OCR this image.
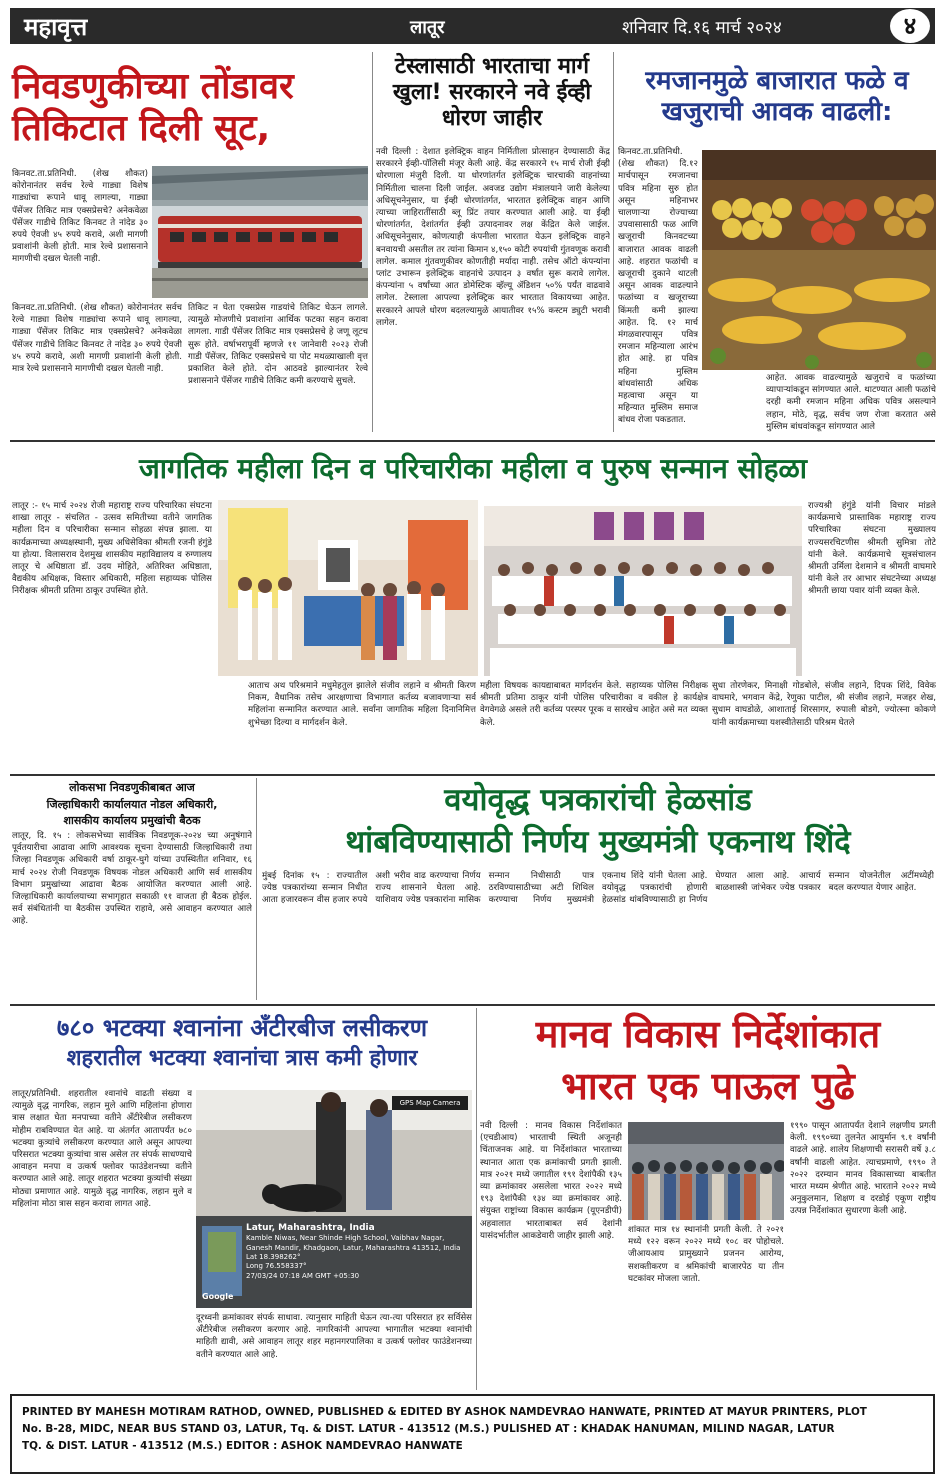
महावृत्त	लातूर	शनिवार दि.१६ मार्च २०२४	४
निवडणुकीच्या तोंडावर तिकिटात दिली सूट,
किनवट.ता.प्रतिनिधी. (शेख शौकत) कोरोनानंतर सर्वच रेल्वे गाड्या विशेष गाड्यांचा रूपाने धावू लागल्या, गाड्या पॅसेंजर तिकिट मात्र एक्सप्रेसचे? अनेकवेळा पॅसेंजर गाडीचे तिकिट किनवट ते नांदेड ३० रुपये ऐवजी ४५ रुपये करावे, अशी मागणी प्रवाशांनी केली होती. मात्र रेल्वे प्रशासनाने मागणीची दखल घेतली नाही.
किनवट.ता.प्रतिनिधी. (शेख शौकत) कोरोनानंतर सर्वच रेल्वे गाड्या विशेष गाड्यांचा रूपाने धावू लागल्या, गाड्या पॅसेंजर तिकिट मात्र एक्सप्रेसचे? अनेकवेळा पॅसेंजर गाडीचे तिकिट किनवट ते नांदेड ३० रुपये ऐवजी ४५ रुपये करावे, अशी मागणी प्रवाशांनी केली होती. मात्र रेल्वे प्रशासनाने मागणीची दखल घेतली नाही.
तिकिट न घेता एक्सप्रेस गाडयांचे तिकिट घेऊन लागले. त्यामुळे मोजणीचे प्रवाशांना आर्थिक फटका सहन करावा लागला. गाडी पॅसेंजर तिकिट मात्र एक्सप्रेसचे हे जणू लूटच सुरू होते. वर्षाभरापूर्वी म्हणजे ११ जानेवारी २०२३ रोजी गाडी पॅसेंजर, तिकिट एक्सप्रेसचे या पोट मथळ्याखाली वृत्त प्रकाशित केले होते. दोन आठवडे झाल्यानंतर रेल्वे प्रशासनाने पॅसेंजर गाडीचे तिकिट कमी करण्याचे सुचले.
टेस्लासाठी भारताचा मार्ग खुला! सरकारने नवे ईव्ही धोरण जाहीर
नवी दिल्ली : देशात इलेक्ट्रिक वाहन निर्मितीला प्रोत्साहन देण्यासाठी केंद्र सरकारने ईव्ही-पॉलिसी मंजूर केली आहे. केंद्र सरकारने १५ मार्च रोजी ईव्ही धोरणाला मंजुरी दिली. या धोरणांतर्गत इलेक्ट्रिक चारचाकी वाहनांच्या निर्मितीला चालना दिली जाईल. अवजड उद्योग मंत्रालयाने जारी केलेल्या अधिसूचनेनुसार, या ईव्ही धोरणांतर्गत, भारतात इलेक्ट्रिक वाहन आणि त्याच्या जाहिरातींसाठी ब्लू प्रिंट तयार करण्यात आली आहे. या ईव्ही धोरणांतर्गत, देशांतर्गत ईव्ही उत्पादनावर लक्ष केंद्रित केले जाईल. अधिसूचनेनुसार, कोणत्याही कंपनीला भारतात येऊन इलेक्ट्रिक वाहने बनवायची असतील तर त्यांना किमान ४,१५० कोटी रुपयांची गुंतवणूक करावी लागेल. कमाल गुंतवणुकीवर कोणतीही मर्यादा नाही. तसेच ऑटो कंपन्यांना प्लांट उभारून इलेक्ट्रिक वाहनांचे उत्पादन ३ वर्षांत सुरू करावे लागेल. कंपन्यांना ५ वर्षांच्या आत डोमेस्टिक व्हॅल्यू ॲडिशन ५०% पर्यंत वाढवावे लागेल. टेस्लाला आपल्या इलेक्ट्रिक कार भारतात विकायच्या आहेत. सरकारने आपले धोरण बदलल्यामुळे आयातीवर १५% कस्टम ड्युटी भरावी लागेल.
रमजानमुळे बाजारात फळे व खजुराची आवक वाढली:
किनवट.ता.प्रतिनिधी. (शेख शौकत) दि.१२ मार्चपासून रमजानचा पवित्र महिना सुरु होत असून महिनाभर चालणाऱ्या रोज्याच्या उपवासासाठी फळ आणि खजूराची किनवटच्या बाजारात आवक वाढली आहे. शहरात फळांची व खजूराची दुकाने थाटली असून आवक वाढल्याने फळांच्या व खजूराच्या किंमती कमी झाल्या आहेत. दि. १२ मार्च मंगळवारपासून पवित्र रमजान महिन्याला आरंभ होत आहे. हा पवित्र महिना मुस्लिम बांधवांसाठी अधिक महत्वाचा असून या महिन्यात मुस्लिम समाज बांधव रोजा पकडतात.
आहेत. आवक वाढल्यामुळे खजुराचे व फळांच्या व्यापाऱ्यांकडून सांगण्यात आले. थाटण्यात आली फळांचे दरही कमी रमजान महिना अधिक पवित्र असल्याने लहान, मोठे, वृद्ध, सर्वच जण रोजा करतात असे मुस्लिम बांधवांकडून सांगण्यात आले
जागतिक महीला दिन व परिचारीका महीला व पुरुष सन्मान सोहळा
लातूर :- १५ मार्च २०२४ रोजी महाराष्ट्र राज्य परिचारिका संघटना शाखा लातूर - संचलित - उत्सव समितीच्या वतीने जागतिक महीला दिन व परिचारीका सन्मान सोहळा संपन्न झाला. या कार्यक्रमाच्या अध्यक्षस्थानी, मुख्य अधिसेविका श्रीमती रजनी हंगुंडे या होत्या. विलासराव देशमुख शासकीय महाविद्यालय व रुग्णालय लातूर चे अधिष्ठाता डॉ. उदय मोहिते, अतिरिक्त अधिष्ठाता, वैद्यकीय अधिक्षक, विस्तार अधिकारी, महिला सहाय्यक पोलिस निरीक्षक श्रीमती प्रतिमा ठाकूर उपस्थित होते.
राज्यश्री हंगुंडे यांनी विचार मांडले कार्यक्रमाचे प्रास्ताविक महाराष्ट्र राज्य परिचारिका संघटना मुख्यालय राज्यसरचिटणीस श्रीमती सुमित्रा तोटे यांनी केले. कार्यक्रमाचे सूत्रसंचालन श्रीमती उर्मिला देशमाने व श्रीमती वाघमारे यांनी केले तर आभार संघटनेच्या अध्यक्ष श्रीमती छाया पवार यांनी व्यक्त केले.
आताच अथ परिश्रमाने मधुमेहतुल झालेले संजीव लहाने व श्रीमती किरण निकम, वैधानिक तसेच आरक्षणाचा विभागात कर्तव्य बजावणाऱ्या सर्व महिलांना सन्मानित करण्यात आले. सर्वांना जागतिक महिला दिनानिमित्त शुभेच्छा दिल्या व मार्गदर्शन केले.
महीला विषयक कायद्याबाबत मार्गदर्शन केले. सहाय्यक पोलिस निरीक्षक श्रीमती प्रतिमा ठाकूर यांनी पोलिस परिचारीका व वकील हे कार्यक्षेत्र वेगवेगळे असले तरी कर्तव्य परस्पर पूरक व सारखेच आहेत असे मत व्यक्त केले.
सुधा तोरणेकर, मिनाक्षी गोडबोले, संजीव लहाने, दिपक शिंदे, विवेक वाघमारे, भगवान केंद्रे, रेणुका पाटील, श्री संजीव लहाने, मजहर शेख, सुधाम वाघडोळे, आशाताई शिरसागर, रुपाली बोडगे, ज्योत्स्ना कोकणे यांनी कार्यक्रमाच्या यशस्वीतेसाठी परिश्रम घेतले
लोकसभा निवडणुकीबाबत आज
जिल्हाधिकारी कार्यालयात नोडल अधिकारी,
शासकीय कार्यालय प्रमुखांची बैठक
लातूर, दि. १५ : लोकसभेच्या सार्वत्रिक निवडणूक-२०२४ च्या अनुषंगाने पूर्वतयारीचा आढावा आणि आवश्यक सूचना देण्यासाठी जिल्हाधिकारी तथा जिल्हा निवडणूक अधिकारी वर्षा ठाकूर-घुगे यांच्या उपस्थितीत शनिवार, १६ मार्च २०२४ रोजी निवडणूक विषयक नोडल अधिकारी आणि सर्व शासकीय विभाग प्रमुखांच्या आढावा बैठक आयोजित करण्यात आली आहे. जिल्हाधिकारी कार्यालयाच्या सभागृहात सकाळी ११ वाजता ही बैठक होईल. सर्व संबंधितांनी या बैठकीस उपस्थित राहावे, असे आवाहन करण्यात आले आहे.
वयोवृद्ध पत्रकारांची हेळसांड
थांबविण्यासाठी निर्णय मुख्यमंत्री एकनाथ शिंदे
मुंबई दिनांक १५ : राज्यातील ज्येष्ठ पत्रकारांच्या सन्मान निधीत आता हजारवरून वीस हजार रुपये अशी भरीव वाढ करण्याचा निर्णय राज्य शासनाने घेतला आहे. याशिवाय ज्येष्ठ पत्रकारांना मासिक सन्मान निधीसाठी पात्र ठरविण्यासाठीच्या अटी शिथिल करण्याचा निर्णय मुख्यमंत्री एकनाथ शिंदे यांनी घेतला आहे. वयोवृद्ध पत्रकारांची होणारी हेळसांड थांबविण्यासाठी हा निर्णय घेण्यात आला आहे. आचार्य बाळशास्त्री जांभेकर ज्येष्ठ पत्रकार सन्मान योजनेतील अटींमध्येही बदल करण्यात येणार आहेत.
७८० भटक्या श्वानांना अँटीरबीज लसीकरण
शहरातील भटक्या श्वानांचा त्रास कमी होणार
लातूर/प्रतिनिधी. शहरातील श्वानांचे वाढती संख्या व त्यामुळे वृद्ध नागरिक, लहान मुले आणि महिलांना होणारा त्रास लक्षात घेता मनपाच्या वतीने अँटीरेबीज लसीकरण मोहीम राबविण्यात येत आहे. या अंतर्गत आतापर्यंत ७८० भटक्या कुत्र्यांचे लसीकरण करण्यात आले असून आपल्या परिसरात भटक्या कुत्र्यांचा त्रास असेल तर संपर्क साधण्याचे आवाहन मनपा व उत्कर्ष फ्लोवर फाउंडेशनच्या वतीने करण्यात आले आहे. लातूर शहरात भटक्या कुत्र्यांची संख्या मोठ्या प्रमाणात आहे. यामुळे वृद्ध नागरिक, लहान मुले व महिलांना मोठा त्रास सहन करावा लागत आहे.
GPS Map Camera
Latur, Maharashtra, India
Kamble Niwas, Near Shinde High School, Vaibhav Nagar, Ganesh Mandir, Khadgaon, Latur, Maharashtra 413512, India
Lat 18.398262°
Long 76.558337°
27/03/24 07:18 AM GMT +05:30
Google
दूरध्वनी क्रमांकावर संपर्क साधावा. त्यानुसार माहिती घेऊन त्या-त्या परिसरात हर सर्विसेस अँटीरेबीज लसीकरण करणार आहे. नागरिकांनी आपल्या भागातील भटक्या श्वानांची माहिती द्यावी, असे आवाहन लातूर शहर महानगरपालिका व उत्कर्ष फ्लोवर फाउंडेशनच्या वतीने करण्यात आले आहे.
मानव विकास निर्देशांकात
भारत एक पाऊल पुढे
नवी दिल्ली : मानव विकास निर्देशांकात (एचडीआय) भारताची स्थिती अजूनही चिंताजनक आहे. या निर्देशांकात भारताच्या स्थानात आता एक क्रमांकाची प्रगती झाली. मात्र २०२१ मध्ये जगातील १९१ देशांपैकी १३५ व्या क्रमांकावर असलेला भारत २०२२ मध्ये १९३ देशांपैकी १३४ व्या क्रमांकावर आहे. संयुक्त राष्ट्रांच्या विकास कार्यक्रम (यूएनडीपी) अहवालात भारताबाबत सर्व देशांनी यासंदर्भातील आकडेवारी जाहीर झाली आहे.
शांकात मात्र १४ स्थानांनी प्रगती केली. ते २०२१ मध्ये १२२ वरून २०२२ मध्ये १०८ वर पोहोचले. जीआयआय प्रामुख्याने प्रजनन आरोग्य, सशक्तीकरण व श्रमिकांची बाजारपेठ या तीन घटकांवर मोजला जातो.
१९९० पासून आतापर्यंत देशाने लक्षणीय प्रगती केली. १९९०च्या तुलनेत आयुर्मान ९.१ वर्षांनी वाढले आहे. शालेय शिक्षणाची सरासरी वर्षे ३.८ वर्षांनी वाढली आहेत. त्याचप्रमाणे, १९९० ते २०२२ दरम्यान मानव विकासाच्या बाबतीत भारत मध्यम श्रेणीत आहे. भारताने २०२२ मध्ये अनुकुलमान, शिक्षण व दरडोई एकूण राष्ट्रीय उत्पन्न निर्देशांकात सुधारणा केली आहे.
PRINTED BY MAHESH MOTIRAM RATHOD, OWNED, PUBLISHED & EDITED BY ASHOK NAMDEVRAO HANWATE, PRINTED AT MAYUR PRINTERS, PLOT
No. B-28, MIDC, NEAR BUS STAND 03, LATUR, Tq. & DIST. LATUR - 413512 (M.S.) PULISHED AT : KHADAK HANUMAN, MILIND NAGAR, LATUR
TQ. & DIST. LATUR - 413512 (M.S.) EDITOR : ASHOK NAMDEVRAO HANWATE
